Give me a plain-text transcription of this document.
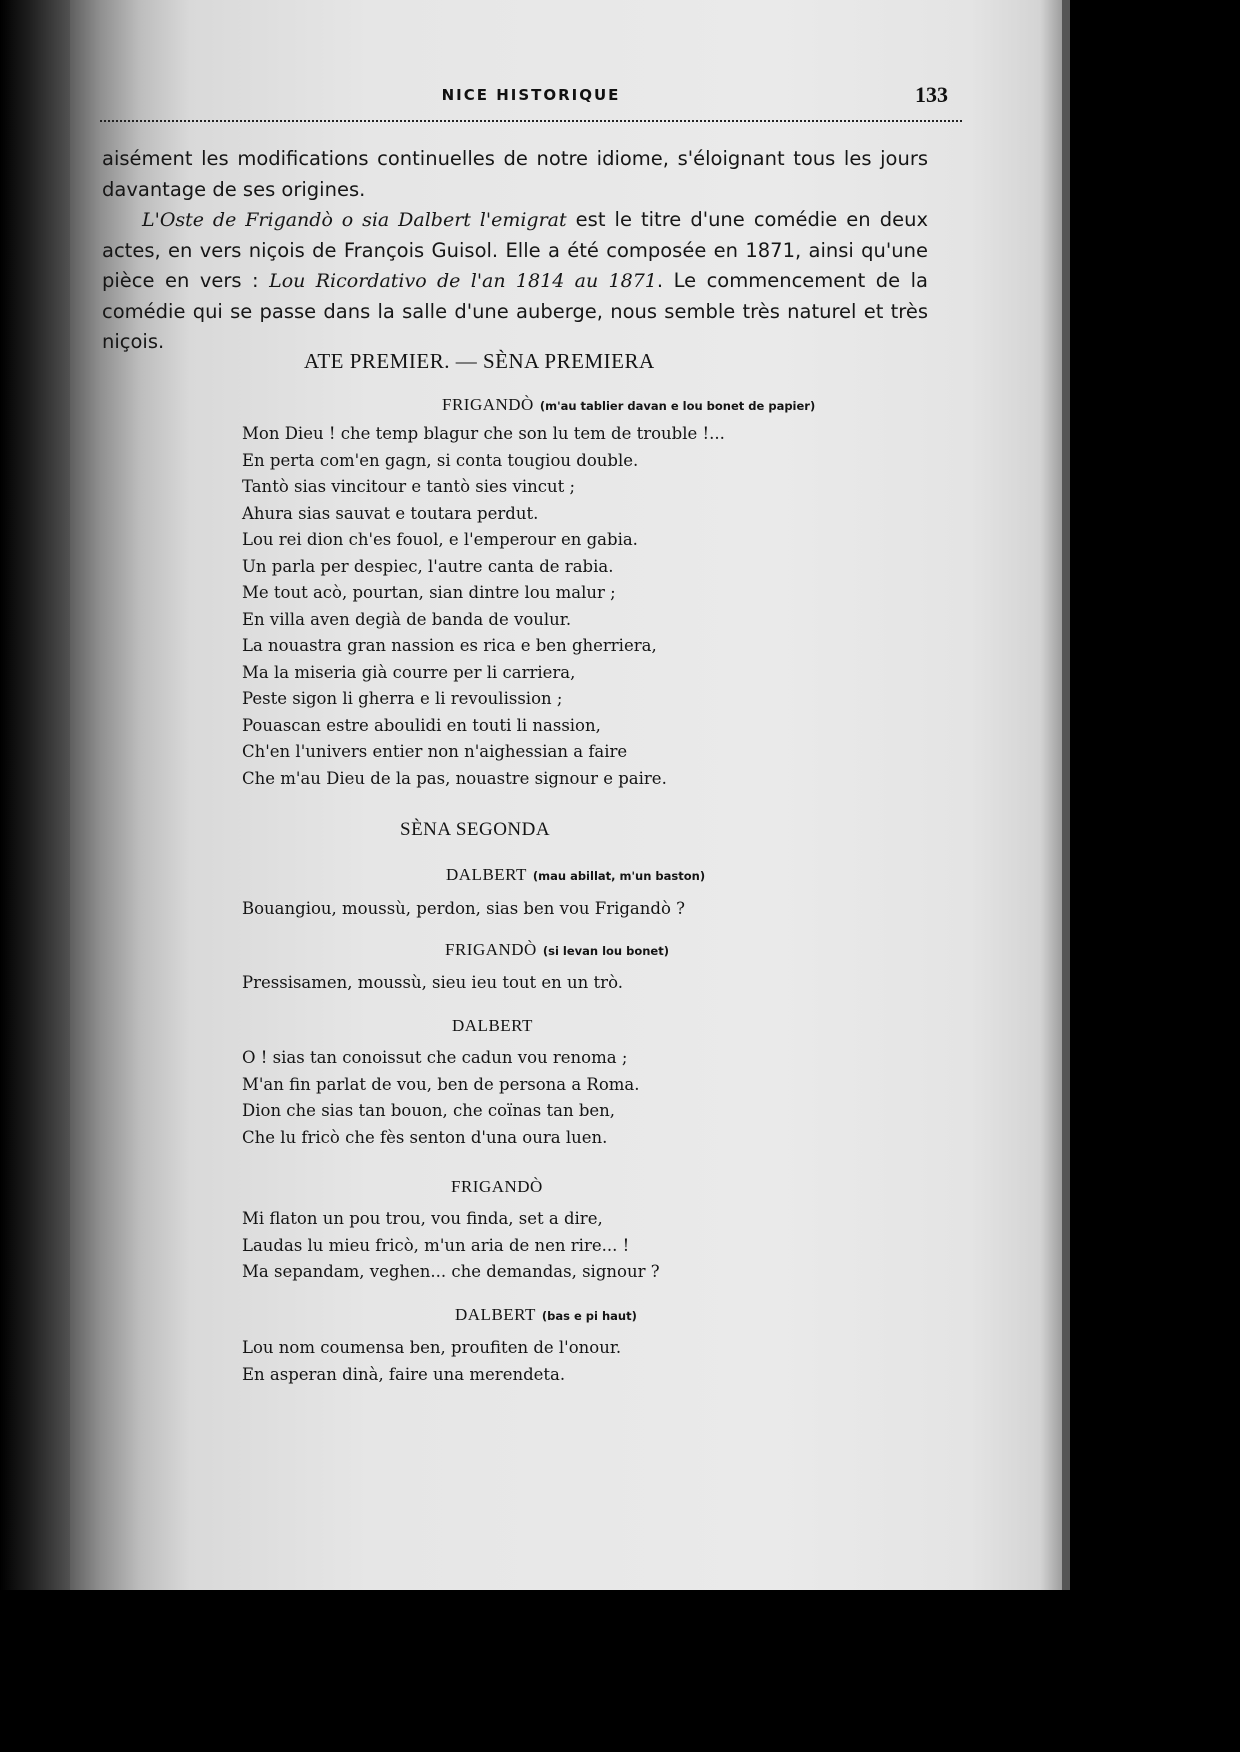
NICE HISTORIQUE	133

aisément les modifications continuelles de notre idiome, s'éloignant tous les jours davantage de ses origines.

L'Oste de Frigandò o sia Dalbert l'emigrat est le titre d'une comédie en deux actes, en vers niçois de François Guisol. Elle a été composée en 1871, ainsi qu'une pièce en vers : Lou Ricordativo de l'an 1814 au 1871. Le commencement de la comédie qui se passe dans la salle d'une auberge, nous semble très naturel et très niçois.

ATE PREMIER. — SÈNA PREMIERA
FRIGANDÒ (m'au tablier davan e lou bonet de papier)
Mon Dieu ! che temp blagur che son lu tem de trouble !...
En perta com'en gagn, si conta tougiou double.
Tantò sias vincitour e tantò sies vincut ;
Ahura sias sauvat e toutara perdut.
Lou rei dion ch'es fouol, e l'emperour en gabia.
Un parla per despiec, l'autre canta de rabia.
Me tout acò, pourtan, sian dintre lou malur ;
En villa aven degià de banda de voulur.
La nouastra gran nassion es rica e ben gherriera,
Ma la miseria già courre per li carriera,
Peste sigon li gherra e li revoulission ;
Pouascan estre aboulidi en touti li nassion,
Ch'en l'univers entier non n'aighessian a faire
Che m'au Dieu de la pas, nouastre signour e paire.
SÈNA SEGONDA
DALBERT (mau abillat, m'un baston)
Bouangiou, moussù, perdon, sias ben vou Frigandò ?
FRIGANDÒ (si levan lou bonet)
Pressisamen, moussù, sieu ieu tout en un trò.
DALBERT
O ! sias tan conoissut che cadun vou renoma ;
M'an fin parlat de vou, ben de persona a Roma.
Dion che sias tan bouon, che coïnas tan ben,
Che lu fricò che fès senton d'una oura luen.
FRIGANDÒ
Mi flaton un pou trou, vou finda, set a dire,
Laudas lu mieu fricò, m'un aria de nen rire... !
Ma sepandam, veghen... che demandas, signour ?
DALBERT (bas e pi haut)
Lou nom coumensa ben, proufiten de l'onour.
En asperan dinà, faire una merendeta.
